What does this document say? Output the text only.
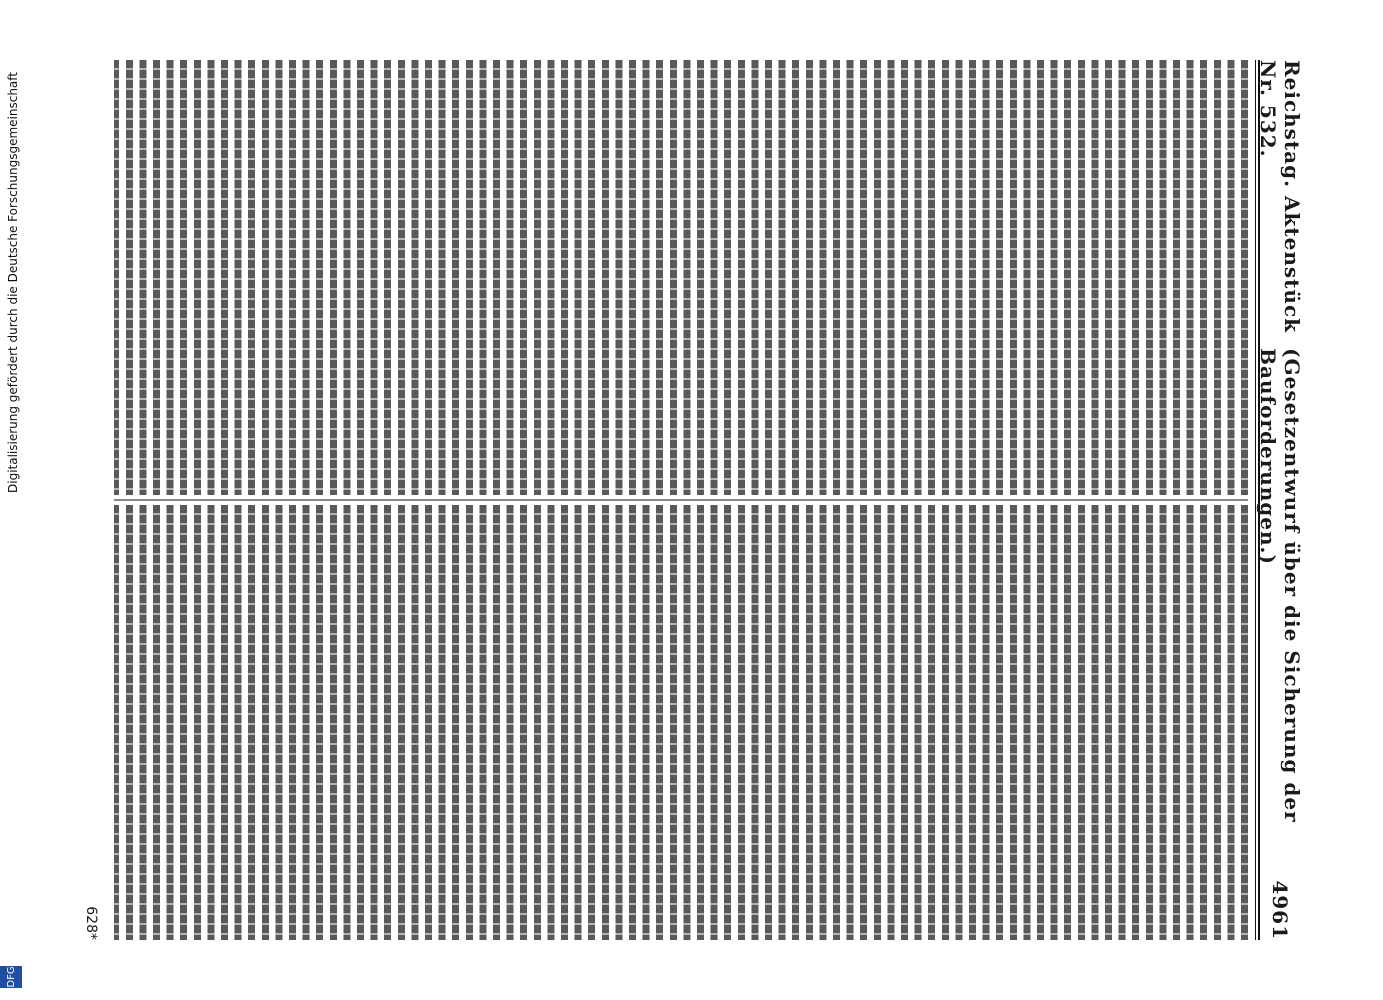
Digitalisierung gefördert durch die Deutsche Forschungsgemeinschaft
DFG
Reichstag. Aktenstück Nr. 532.
(Gesetzentwurf über die Sicherung der Bauforderungen.)
4961
628*
